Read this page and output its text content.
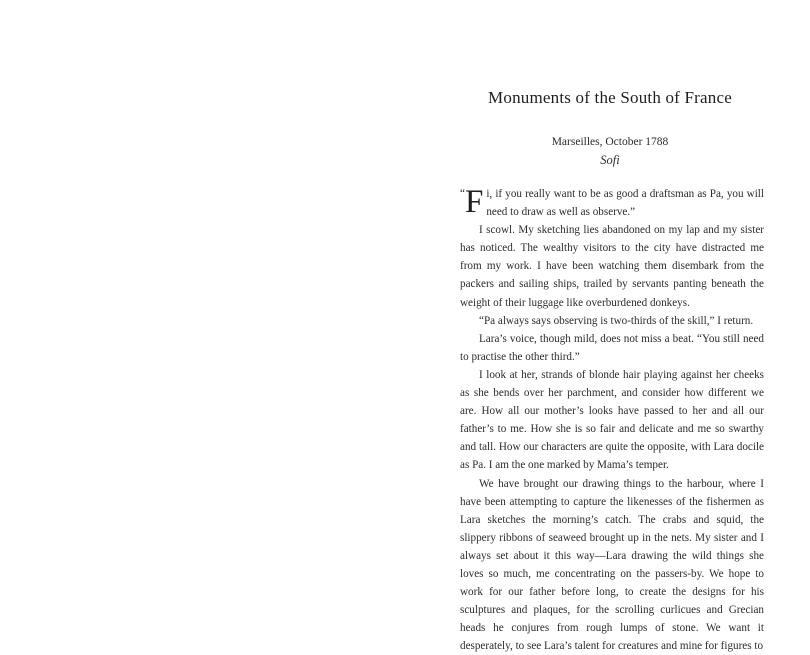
Monuments of the South of France
Marseilles, October 1788
Sofi

“ F i, if you really want to be as good a draftsman as Pa, you will need to draw as well as observe.”

I scowl. My sketching lies abandoned on my lap and my sister has noticed. The wealthy visitors to the city have distracted me from my work. I have been watching them disembark from the packers and sailing ships, trailed by servants panting beneath the weight of their luggage like overburdened donkeys.

“Pa always says observing is two-thirds of the skill,” I return.

Lara’s voice, though mild, does not miss a beat. “You still need to practise the other third.”

I look at her, strands of blonde hair playing against her cheeks as she bends over her parchment, and consider how different we are. How all our mother’s looks have passed to her and all our father’s to me. How she is so fair and delicate and me so swarthy and tall. How our characters are quite the opposite, with Lara docile as Pa. I am the one marked by Mama’s temper.

We have brought our drawing things to the harbour, where I have been attempting to capture the likenesses of the fishermen as Lara sketches the morning’s catch. The crabs and squid, the slippery ribbons of seaweed brought up in the nets. My sister and I always set about it this way—Lara drawing the wild things she loves so much, me concentrating on the passers-by. We hope to work for our father before long, to create the designs for his sculptures and plaques, for the scrolling curlicues and Grecian heads he conjures from rough lumps of stone. We want it desperately, to see Lara’s talent for creatures and mine for figures to
